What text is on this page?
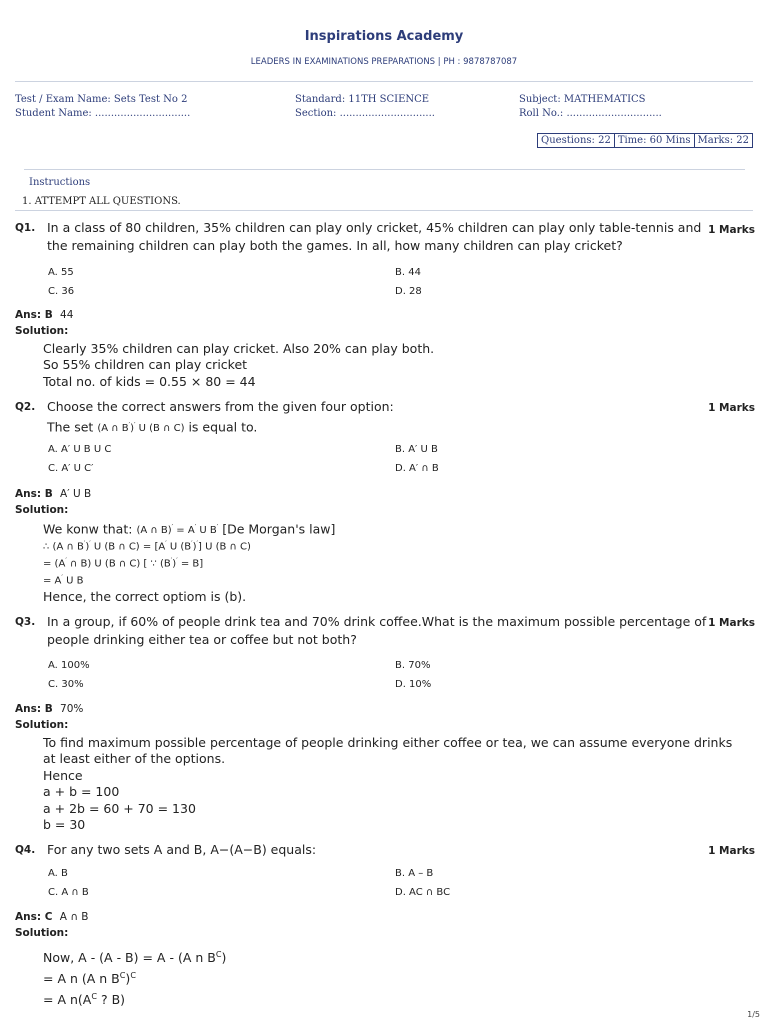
Inspirations Academy
LEADERS IN EXAMINATIONS PREPARATIONS | PH : 9878787087
Test / Exam Name: Sets Test No 2
Student Name: ..............................
Standard: 11TH SCIENCE
Section: ..............................
Subject: MATHEMATICS
Roll No.: ..............................
Questions: 22 Time: 60 Mins Marks: 22
Instructions
1. ATTEMPT ALL QUESTIONS.
Q1. In a class of 80 children, 35% children can play only cricket, 45% children can play only table-tennis and the remaining children can play both the games. In all, how many children can play cricket?
1 Marks
A. 55	B. 44
C. 36	D. 28
Ans: B 44
Solution:
Clearly 35% children can play cricket. Also 20% can play both.
So 55% children can play cricket
Total no. of kids = 0.55 × 80 = 44
Q2. Choose the correct answers from the given four option:
The set (A ∩ B′)′ U (B ∩ C) is equal to.
1 Marks
A. A′ U B U C	B. A′ U B
C. A′ U C′	D. A′ ∩ B
Ans: B A′ U B
Solution:
We konw that: (A ∩ B)′ = A′ U B′ [De Morgan's law]
∴ (A ∩ B′)′ U (B ∩ C) = [A′ U (B′)′] U (B ∩ C)
= (A′ ∩ B) U (B ∩ C) [ ∵ (B′)′ = B]
= A′ U B
Hence, the correct optiom is (b).
Q3. In a group, if 60% of people drink tea and 70% drink coffee.What is the maximum possible percentage of people drinking either tea or coffee but not both?
1 Marks
A. 100%	B. 70%
C. 30%	D. 10%
Ans: B 70%
Solution:
To find maximum possible percentage of people drinking either coffee or tea, we can assume everyone drinks
at least either of the options.
Hence
a + b = 100
a + 2b = 60 + 70 = 130
b = 30
Q4. For any two sets A and B, A−(A−B) equals:	1 Marks
A. B	B. A – B
C. A ∩ B	D. AC ∩ BC
Ans: C A ∩ B
Solution:
Now, A - (A - B) = A - (A n $B^C$)
= A n (A n $B^C)^C$
= A $n(A^C$ ? B)
1/5
